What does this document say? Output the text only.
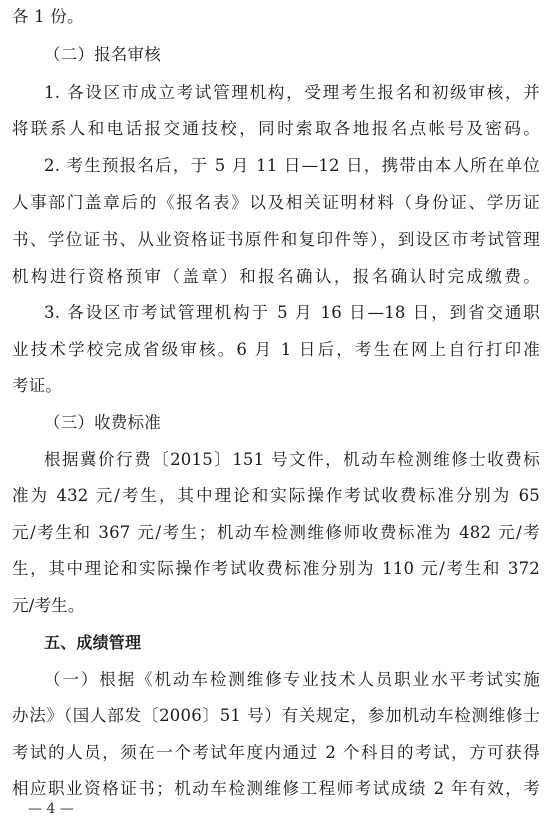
各 1 份。
（二）报名审核
1. 各设区市成立考试管理机构，受理考生报名和初级审核，并
将联系人和电话报交通技校，同时索取各地报名点帐号及密码。
2. 考生预报名后，于 5 月 11 日—12 日，携带由本人所在单位
人事部门盖章后的《报名表》以及相关证明材料（身份证、学历证
书、学位证书、从业资格证书原件和复印件等），到设区市考试管理
机构进行资格预审（盖章）和报名确认，报名确认时完成缴费。
3. 各设区市考试管理机构于 5 月 16 日—18 日，到省交通职
业技术学校完成省级审核。6 月 1 日后，考生在网上自行打印准
考证。
（三）收费标准
根据冀价行费〔2015〕151 号文件，机动车检测维修士收费标
准为 432 元/考生，其中理论和实际操作考试收费标准分别为 65
元/考生和 367 元/考生；机动车检测维修师收费标准为 482 元/考
生，其中理论和实际操作考试收费标准分别为 110 元/考生和 372
元/考生。
五、成绩管理
（一）根据《机动车检测维修专业技术人员职业水平考试实施
办法》（国人部发〔2006〕51 号）有关规定，参加机动车检测维修士
考试的人员，须在一个考试年度内通过 2 个科目的考试，方可获得
相应职业资格证书；机动车检测维修工程师考试成绩 2 年有效，考
— 4 —
